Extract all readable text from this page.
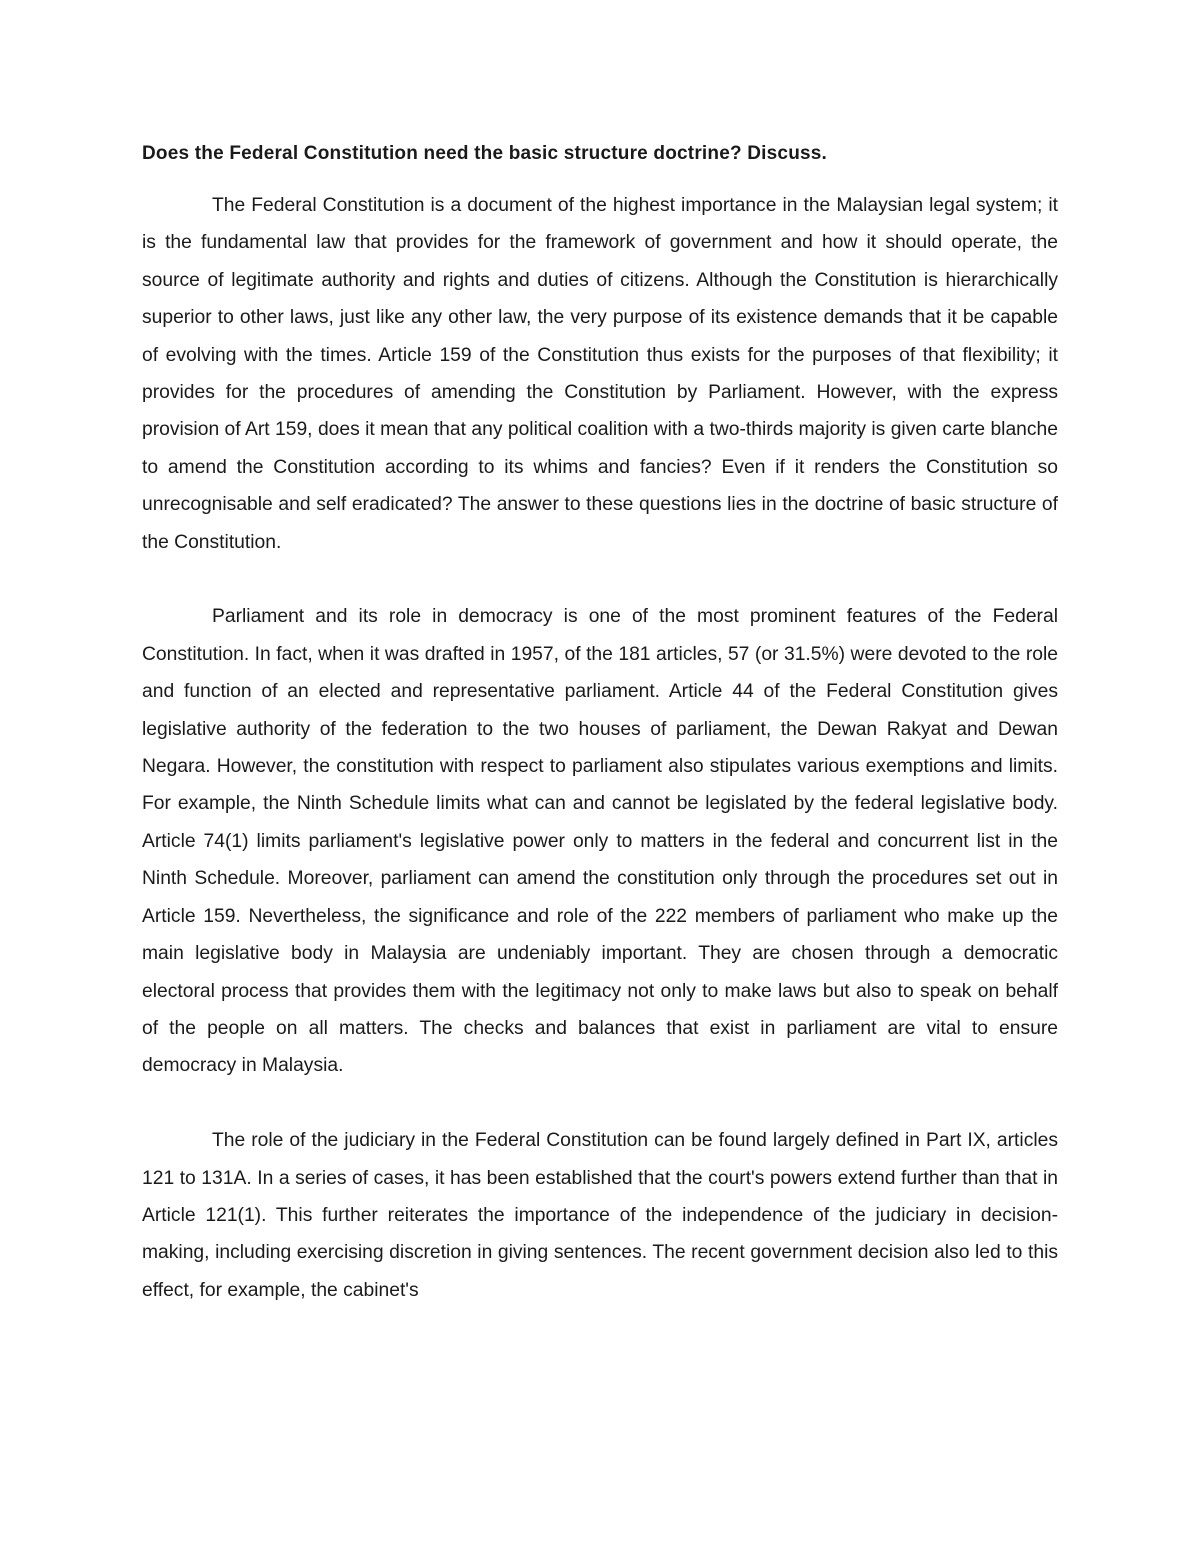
Does the Federal Constitution need the basic structure doctrine? Discuss.

The Federal Constitution is a document of the highest importance in the Malaysian legal system; it is the fundamental law that provides for the framework of government and how it should operate, the source of legitimate authority and rights and duties of citizens. Although the Constitution is hierarchically superior to other laws, just like any other law, the very purpose of its existence demands that it be capable of evolving with the times. Article 159 of the Constitution thus exists for the purposes of that flexibility; it provides for the procedures of amending the Constitution by Parliament. However, with the express provision of Art 159, does it mean that any political coalition with a two-thirds majority is given carte blanche to amend the Constitution according to its whims and fancies? Even if it renders the Constitution so unrecognisable and self eradicated? The answer to these questions lies in the doctrine of basic structure of the Constitution.

Parliament and its role in democracy is one of the most prominent features of the Federal Constitution. In fact, when it was drafted in 1957, of the 181 articles, 57 (or 31.5%) were devoted to the role and function of an elected and representative parliament. Article 44 of the Federal Constitution gives legislative authority of the federation to the two houses of parliament, the Dewan Rakyat and Dewan Negara. However, the constitution with respect to parliament also stipulates various exemptions and limits. For example, the Ninth Schedule limits what can and cannot be legislated by the federal legislative body. Article 74(1) limits parliament's legislative power only to matters in the federal and concurrent list in the Ninth Schedule. Moreover, parliament can amend the constitution only through the procedures set out in Article 159. Nevertheless, the significance and role of the 222 members of parliament who make up the main legislative body in Malaysia are undeniably important. They are chosen through a democratic electoral process that provides them with the legitimacy not only to make laws but also to speak on behalf of the people on all matters. The checks and balances that exist in parliament are vital to ensure democracy in Malaysia.

The role of the judiciary in the Federal Constitution can be found largely defined in Part IX, articles 121 to 131A. In a series of cases, it has been established that the court's powers extend further than that in Article 121(1). This further reiterates the importance of the independence of the judiciary in decision-making, including exercising discretion in giving sentences. The recent government decision also led to this effect, for example, the cabinet's
